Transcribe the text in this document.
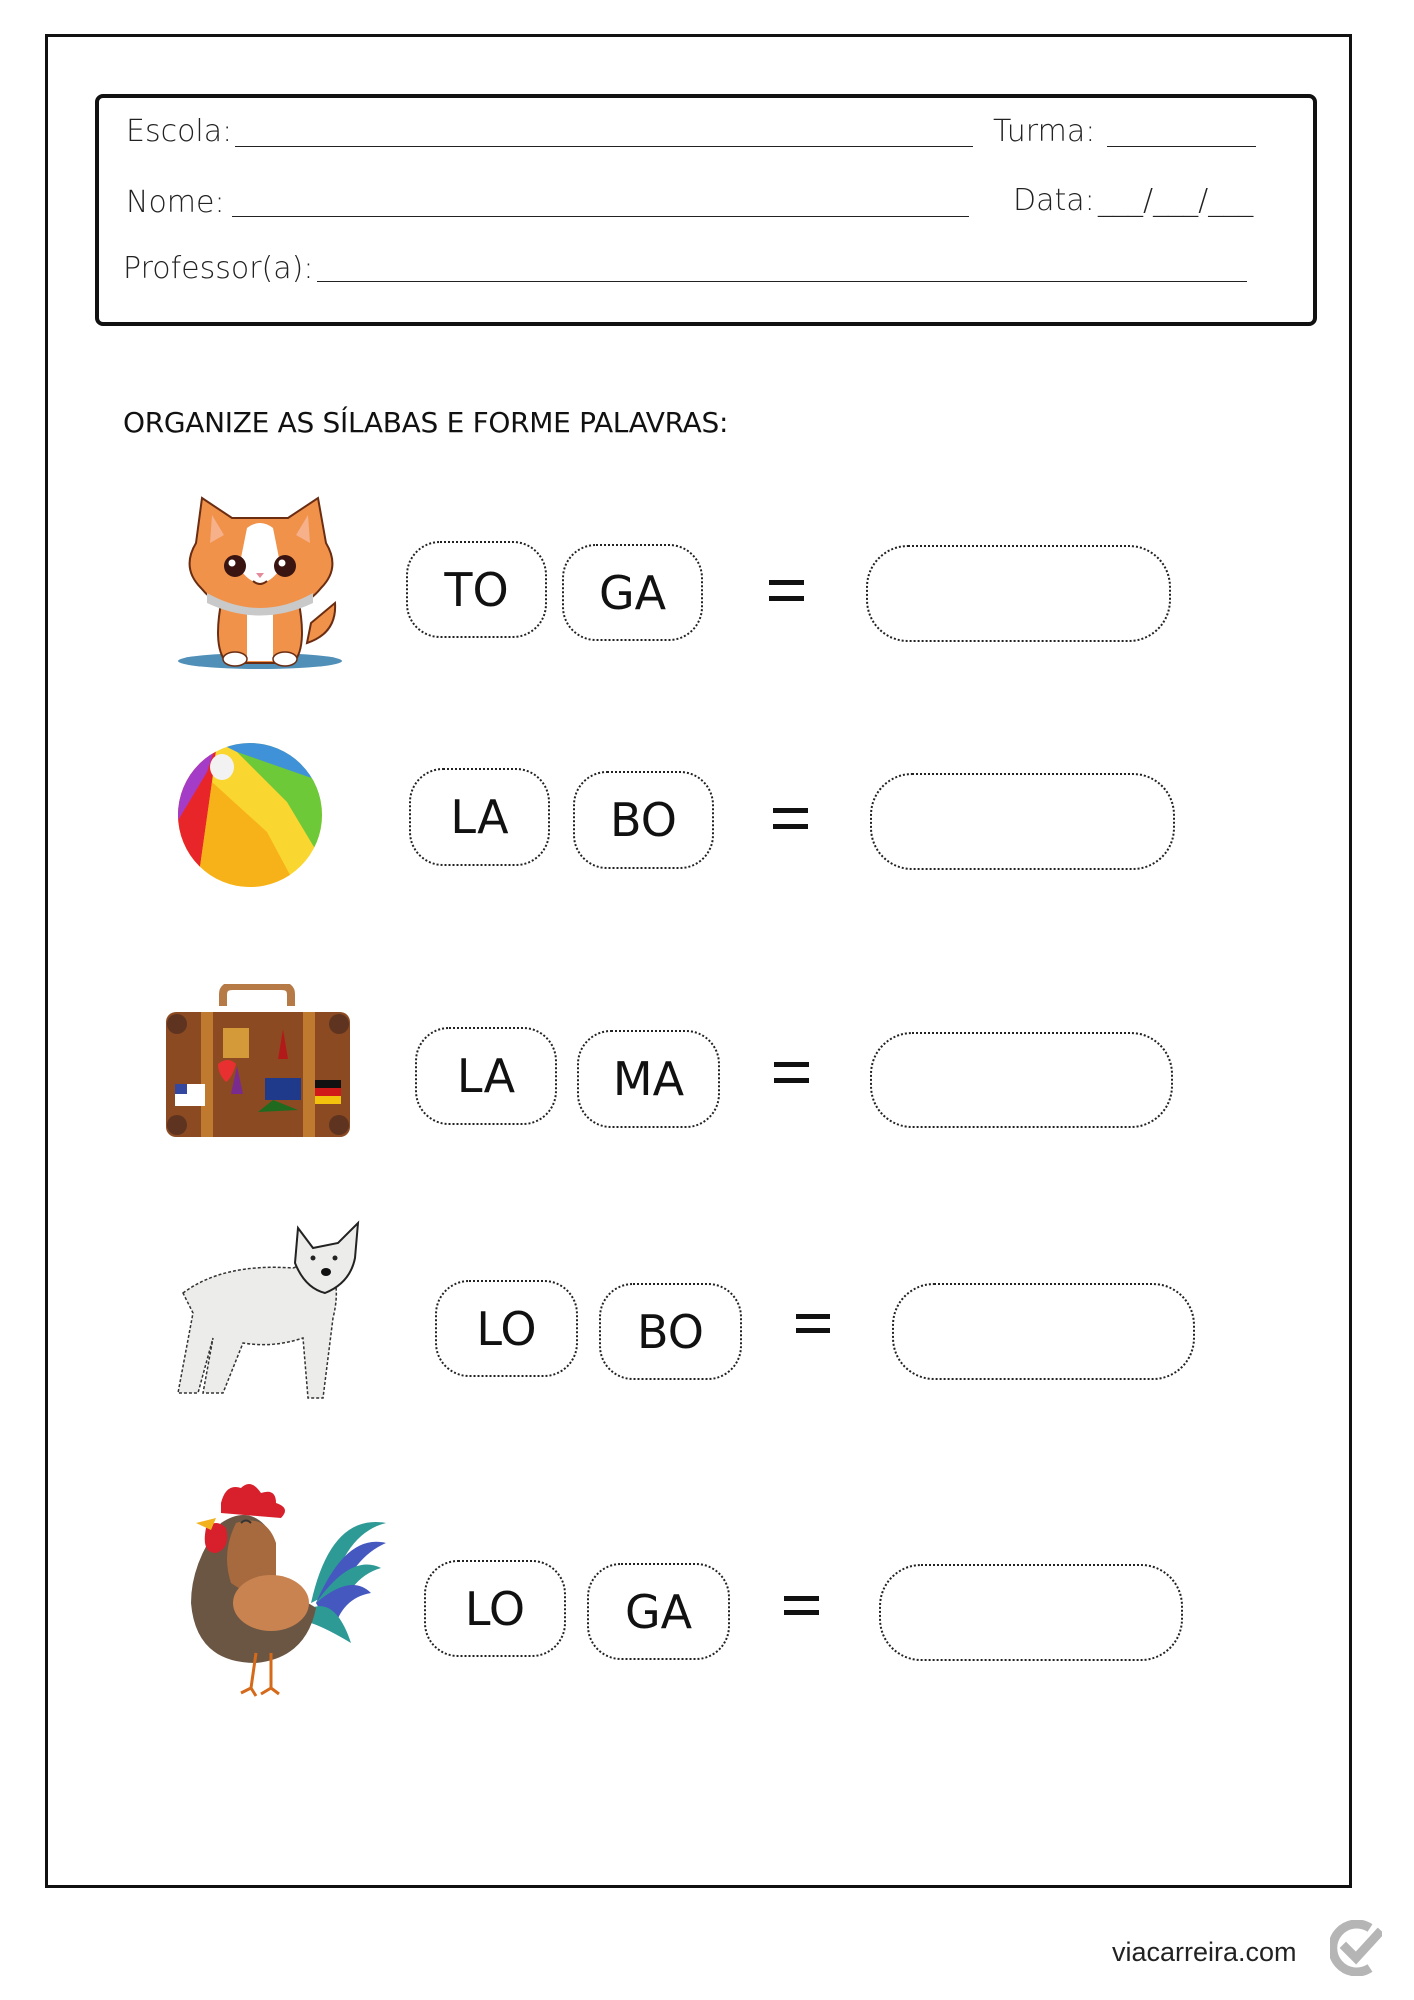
Escola:	Turma:
Nome:	Data: ___/___/___
Professor(a):
ORGANIZE AS SÍLABAS E FORME PALAVRAS:
TO GA
LA BO
LA MA
LO BO
LO GA
viacarreira.com
